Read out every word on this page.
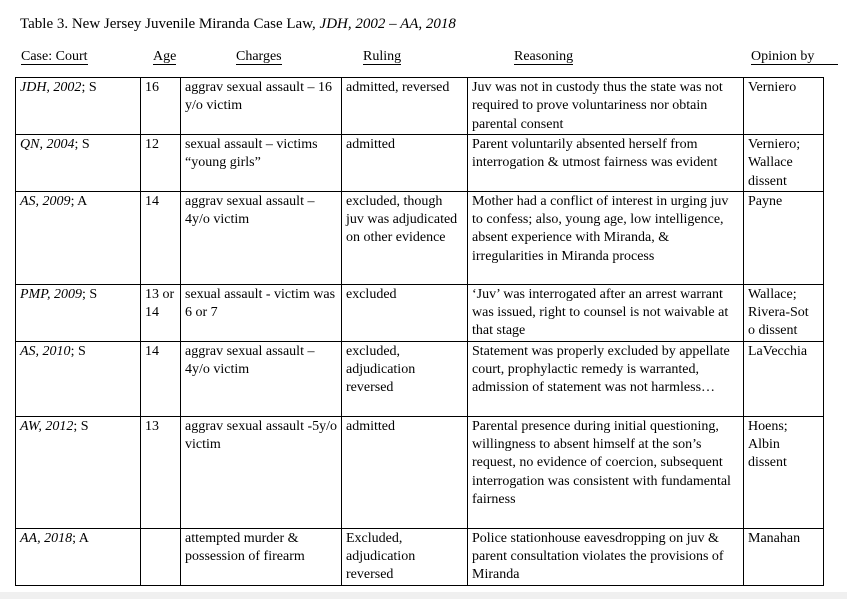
Table 3. New Jersey Juvenile Miranda Case Law, JDH, 2002 – AA, 2018
Case: Court	Age	Charges	Ruling	Reasoning	Opinion by
JDH, 2002; S	16	aggrav sexual assault – 16 y/o victim	admitted, reversed	Juv was not in custody thus the state was not required to prove voluntariness nor obtain parental consent	Verniero
QN, 2004; S	12	sexual assault – victims “young girls”	admitted	Parent voluntarily absented herself from interrogation & utmost fairness was evident	Verniero; Wallace dissent
AS, 2009; A	14	aggrav sexual assault – 4y/o victim	excluded, though juv was adjudicated on other evidence	Mother had a conflict of interest in urging juv to confess; also, young age, low intelligence, absent experience with Miranda, & irregularities in Miranda process	Payne
PMP, 2009; S	13 or 14	sexual assault - victim was 6 or 7	excluded	‘Juv’ was interrogated after an arrest warrant was issued, right to counsel is not waivable at that stage	Wallace; Rivera-Sot o dissent
AS, 2010; S	14	aggrav sexual assault – 4y/o victim	excluded, adjudication reversed	Statement was properly excluded by appellate court, prophylactic remedy is warranted, admission of statement was not harmless…	LaVecchia
AW, 2012; S	13	aggrav sexual assault -5y/o victim	admitted	Parental presence during initial questioning, willingness to absent himself at the son’s request, no evidence of coercion, subsequent interrogation was consistent with fundamental fairness	Hoens; Albin dissent
AA, 2018; A		attempted murder & possession of firearm	Excluded, adjudication reversed	Police stationhouse eavesdropping on juv & parent consultation violates the provisions of Miranda	Manahan
